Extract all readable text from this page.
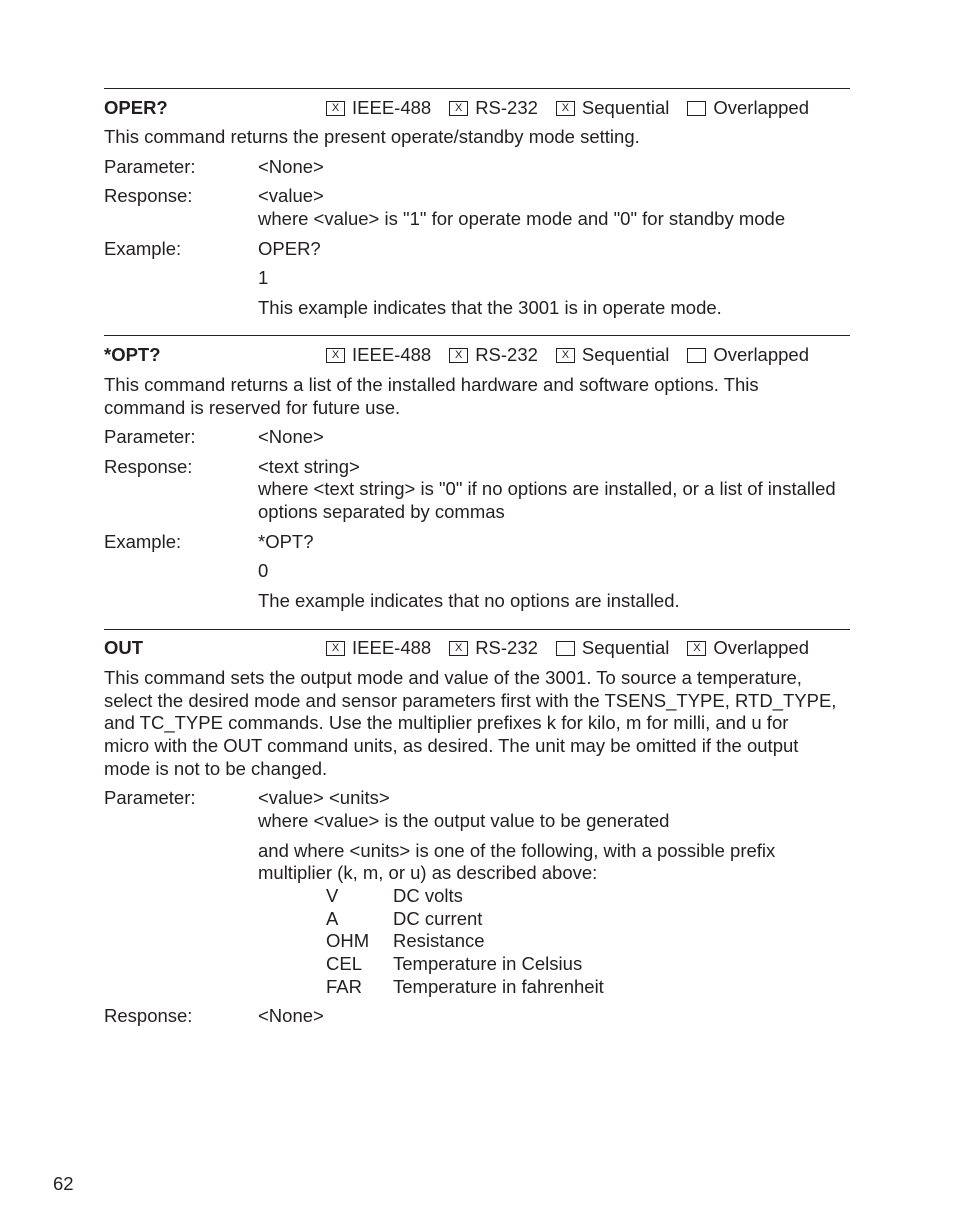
OPER?	X IEEE-488	X RS-232	X Sequential Overlapped
This command returns the present operate/standby mode setting.
Parameter:	<None>
Response:	<value>
where <value> is "1" for operate mode and "0" for standby mode
Example:	OPER?
1
This example indicates that the 3001 is in operate mode.
*OPT?	X IEEE-488	X RS-232	X Sequential Overlapped
This command returns a list of the installed hardware and software options. This
command is reserved for future use.
Parameter:	<None>
Response:	<text string>
where <text string> is "0" if no options are installed, or a list of installed
options separated by commas
Example:	*OPT?
0
The example indicates that no options are installed.
OUT	X IEEE-488	X RS-232 Sequential	X Overlapped
This command sets the output mode and value of the 3001. To source a temperature,
select the desired mode and sensor parameters first with the TSENS_TYPE, RTD_TYPE,
and TC_TYPE commands. Use the multiplier prefixes k for kilo, m for milli, and u for
micro with the OUT command units, as desired. The unit may be omitted if the output
mode is not to be changed.
Parameter:	<value> <units>
where <value> is the output value to be generated
and where <units> is one of the following, with a possible prefix
multiplier (k, m, or u) as described above:
V	DC volts
A	DC current
OHM Resistance
CEL Temperature in Celsius
FAR Temperature in fahrenheit
Response:	<None>
62
